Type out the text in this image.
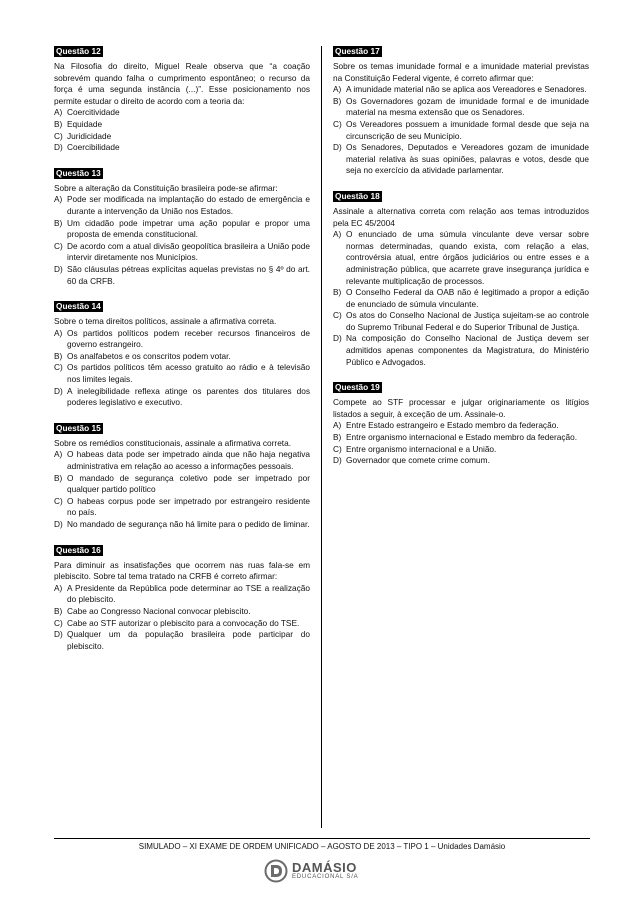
Questão 12
Na Filosofia do direito, Miguel Reale observa que “a coação sobrevém quando falha o cumprimento espontâneo; o recurso da força é uma segunda instância (...)”. Esse posicionamento nos permite estudar o direito de acordo com a teoria da:
A) Coercitividade
B) Equidade
C) Juridicidade
D) Coercibilidade
Questão 13
Sobre a alteração da Constituição brasileira pode-se afirmar:
A) Pode ser modificada na implantação do estado de emergência e durante a intervenção da União nos Estados.
B) Um cidadão pode impetrar uma ação popular e propor uma proposta de emenda constitucional.
C) De acordo com a atual divisão geopolítica brasileira a União pode intervir diretamente nos Municípios.
D) São cláusulas pétreas explícitas aquelas previstas no § 4º do art. 60 da CRFB.
Questão 14
Sobre o tema direitos políticos, assinale a afirmativa correta.
A) Os partidos políticos podem receber recursos financeiros de governo estrangeiro.
B) Os analfabetos e os conscritos podem votar.
C) Os partidos políticos têm acesso gratuito ao rádio e à televisão nos limites legais.
D) A inelegibilidade reflexa atinge os parentes dos titulares dos poderes legislativo e executivo.
Questão 15
Sobre os remédios constitucionais, assinale a afirmativa correta.
A) O habeas data pode ser impetrado ainda que não haja negativa administrativa em relação ao acesso a informações pessoais.
B) O mandado de segurança coletivo pode ser impetrado por qualquer partido político
C) O habeas corpus pode ser impetrado por estrangeiro residente no país.
D) No mandado de segurança não há limite para o pedido de liminar.
Questão 16
Para diminuir as insatisfações que ocorrem nas ruas fala-se em plebiscito. Sobre tal tema tratado na CRFB é correto afirmar:
A) A Presidente da República pode determinar ao TSE a realização do plebiscito.
B) Cabe ao Congresso Nacional convocar plebiscito.
C) Cabe ao STF autorizar o plebiscito para a convocação do TSE.
D) Qualquer um da população brasileira pode participar do plebiscito.
Questão 17
Sobre os temas imunidade formal e a imunidade material previstas na Constituição Federal vigente, é correto afirmar que:
A) A imunidade material não se aplica aos Vereadores e Senadores.
B) Os Governadores gozam de imunidade formal e de imunidade material na mesma extensão que os Senadores.
C) Os Vereadores possuem a imunidade formal desde que seja na circunscrição de seu Município.
D) Os Senadores, Deputados e Vereadores gozam de imunidade material relativa às suas opiniões, palavras e votos, desde que seja no exercício da atividade parlamentar.
Questão 18
Assinale a alternativa correta com relação aos temas introduzidos pela EC 45/2004
A) O enunciado de uma súmula vinculante deve versar sobre normas determinadas, quando exista, com relação a elas, controvérsia atual, entre órgãos judiciários ou entre esses e a administração pública, que acarrete grave insegurança jurídica e relevante multiplicação de processos.
B) O Conselho Federal da OAB não é legitimado a propor a edição de enunciado de súmula vinculante.
C) Os atos do Conselho Nacional de Justiça sujeitam-se ao controle do Supremo Tribunal Federal e do Superior Tribunal de Justiça.
D) Na composição do Conselho Nacional de Justiça devem ser admitidos apenas componentes da Magistratura, do Ministério Público e Advogados.
Questão 19
Compete ao STF processar e julgar originariamente os litígios listados a seguir, à exceção de um. Assinale-o.
A) Entre Estado estrangeiro e Estado membro da federação.
B) Entre organismo internacional e Estado membro da federação.
C) Entre organismo internacional e a União.
D) Governador que comete crime comum.
SIMULADO – XI EXAME DE ORDEM UNIFICADO – AGOSTO DE 2013 – TIPO 1 – Unidades Damásio
DAMÁSIO
EDUCACIONAL S/A
